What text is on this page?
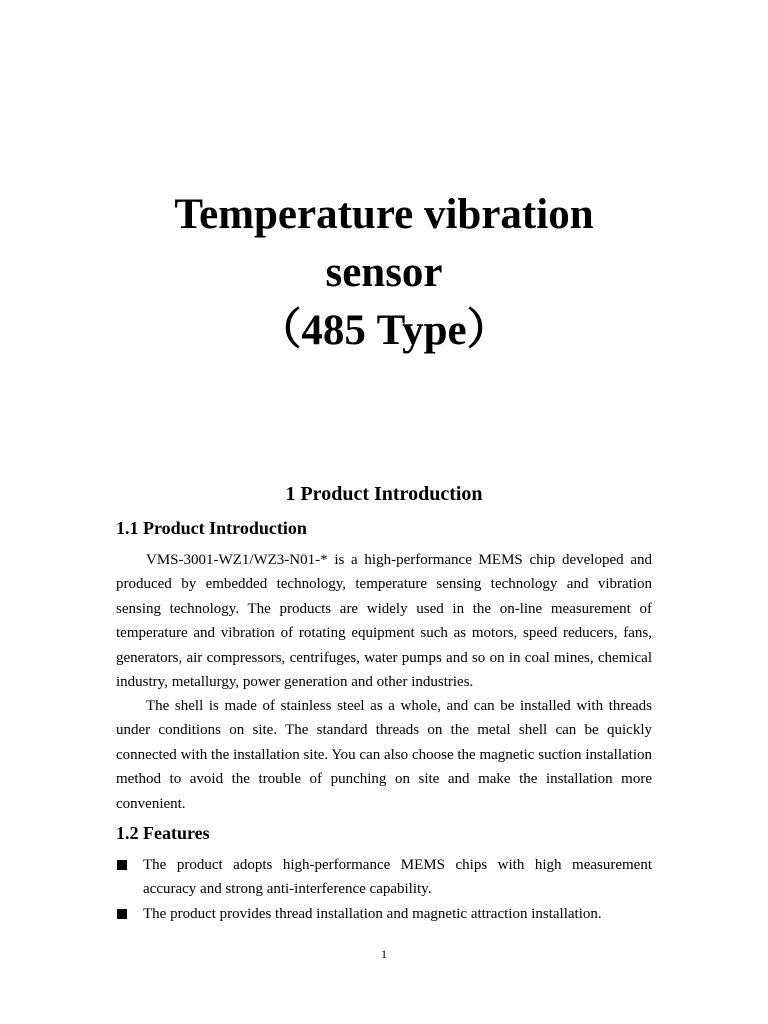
Temperature vibration
sensor
（485 Type）
1 Product Introduction
1.1 Product Introduction
VMS-3001-WZ1/WZ3-N01-* is a high-performance MEMS chip developed and produced by embedded technology, temperature sensing technology and vibration sensing technology. The products are widely used in the on-line measurement of temperature and vibration of rotating equipment such as motors, speed reducers, fans, generators, air compressors, centrifuges, water pumps and so on in coal mines, chemical industry, metallurgy, power generation and other industries.
The shell is made of stainless steel as a whole, and can be installed with threads under conditions on site. The standard threads on the metal shell can be quickly connected with the installation site. You can also choose the magnetic suction installation method to avoid the trouble of punching on site and make the installation more convenient.
1.2 Features
The product adopts high-performance MEMS chips with high measurement accuracy and strong anti-interference capability.
The product provides thread installation and magnetic attraction installation.
1
